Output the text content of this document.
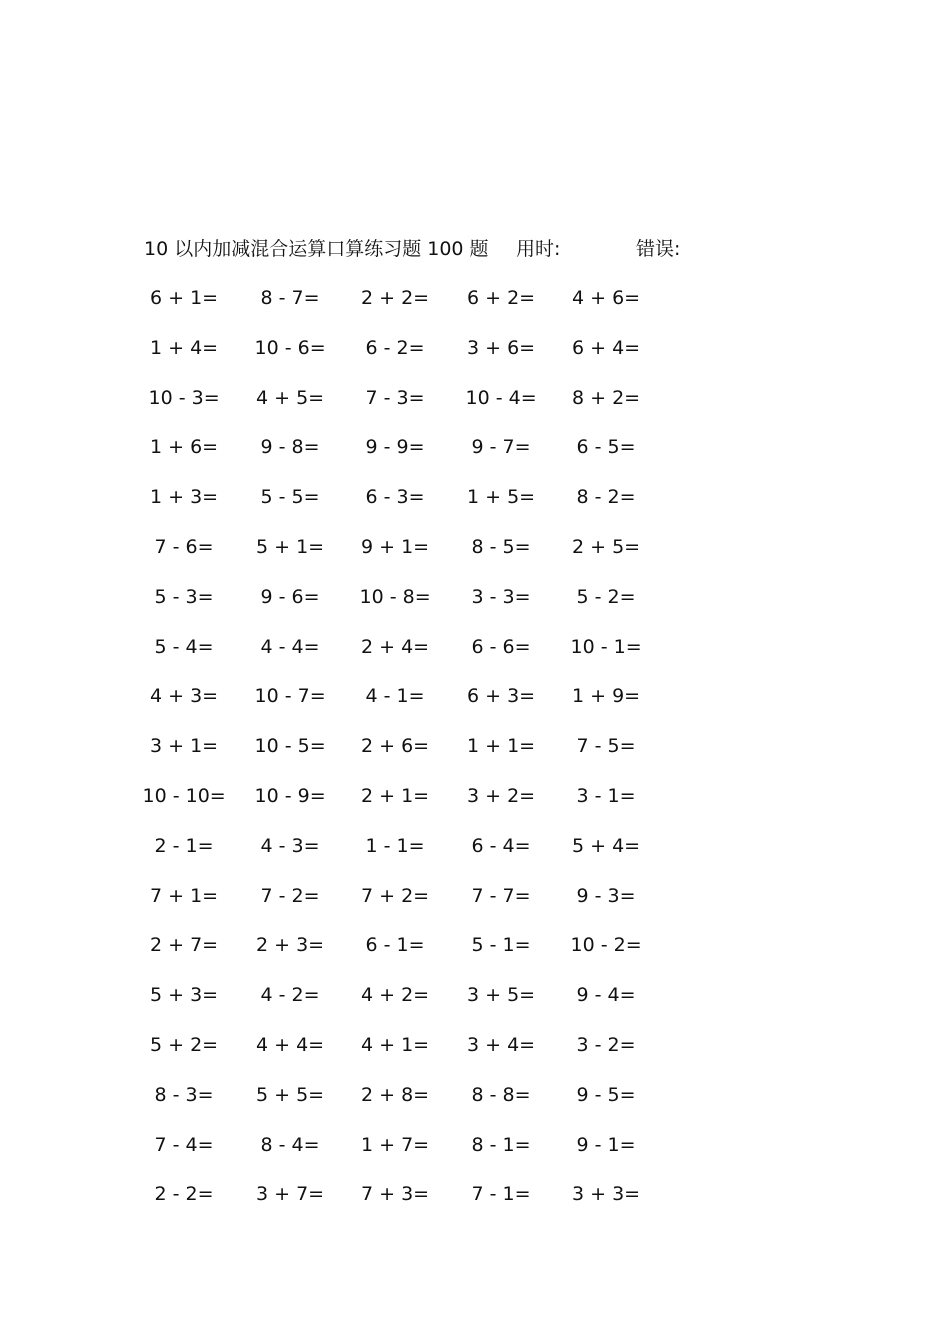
10 以内加减混合运算口算练习题 100 题 用时:	错误:
6 + 1= 8 - 7= 2 + 2= 6 + 2= 4 + 6=
1 + 4= 10 - 6= 6 - 2= 3 + 6= 6 + 4=
10 - 3= 4 + 5= 7 - 3= 10 - 4= 8 + 2=
1 + 6= 9 - 8= 9 - 9= 9 - 7= 6 - 5=
1 + 3= 5 - 5= 6 - 3= 1 + 5= 8 - 2=
7 - 6= 5 + 1= 9 + 1= 8 - 5= 2 + 5=
5 - 3= 9 - 6= 10 - 8= 3 - 3= 5 - 2=
5 - 4= 4 - 4= 2 + 4= 6 - 6= 10 - 1=
4 + 3= 10 - 7= 4 - 1= 6 + 3= 1 + 9=
3 + 1= 10 - 5= 2 + 6= 1 + 1= 7 - 5=
10 - 10= 10 - 9= 2 + 1= 3 + 2= 3 - 1=
2 - 1= 4 - 3= 1 - 1= 6 - 4= 5 + 4=
7 + 1= 7 - 2= 7 + 2= 7 - 7= 9 - 3=
2 + 7= 2 + 3= 6 - 1= 5 - 1= 10 - 2=
5 + 3= 4 - 2= 4 + 2= 3 + 5= 9 - 4=
5 + 2= 4 + 4= 4 + 1= 3 + 4= 3 - 2=
8 - 3= 5 + 5= 2 + 8= 8 - 8= 9 - 5=
7 - 4= 8 - 4= 1 + 7= 8 - 1= 9 - 1=
2 - 2= 3 + 7= 7 + 3= 7 - 1= 3 + 3=
